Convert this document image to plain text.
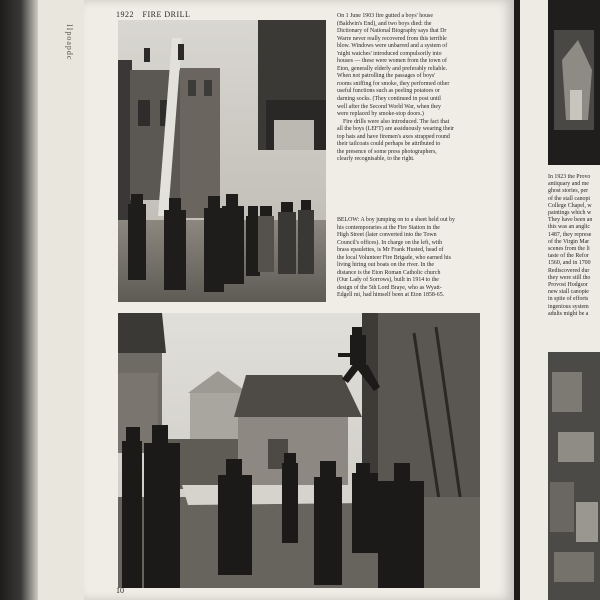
IIpoapdc
1922 FIRE DRILL	On 1 June 1903 fire gutted a boys' house
(Baldwin's End), and two boys died: the
Dictionary of National Biography says that Dr
Warre never really recovered from this terrible
blow. Windows were unbarred and a system of
'night watches' introduced compulsorily into
houses — these were women from the town of
Eton, generally elderly and preferably reliable.
When not patrolling the passages of boys'
rooms sniffing for smoke, they performed other
useful functions such as peeling potatoes or
darning socks. (They continued in post until
well after the Second World War, when they
were replaced by smoke-stop doors.)

Fire drills were also introduced. The fact that
all the boys (LEFT) are assiduously wearing their
top hats and have firemen's axes strapped round
their tailcoats could perhaps be attributed to
the presence of some press photographers,
clearly recognisable, to the right.

BELOW: A boy jumping on to a sheet held out by
his contemporaries at the Fire Station in the
High Street (later converted into the Town
Council's offices). In charge on the left, with
brass epaulettes, is Mr Frank Husted, head of
the local Volunteer Fire Brigade, who earned his
living hiring out boats on the river. In the
distance is the Eton Roman Catholic church
(Our Lady of Sorrows), built in 1914 to the
design of the 5th Lord Braye, who as Wyatt-
Edgell mi, had himself been at Eton 1858-65.
10
In 1923 the Provo
antiquary and me
ghost stories, per
of the stall canopi
College Chapel, w
paintings which w
They have been an
this was an anglic
1487, they represe
of the Virgin Mar
scenes from the li
taste of the Refor
1560, and in 1700
Rediscovered dur
they were still tho
Provost Hodgsor
new stall canopie
in spite of efforts
ingenious system
adults might be a
